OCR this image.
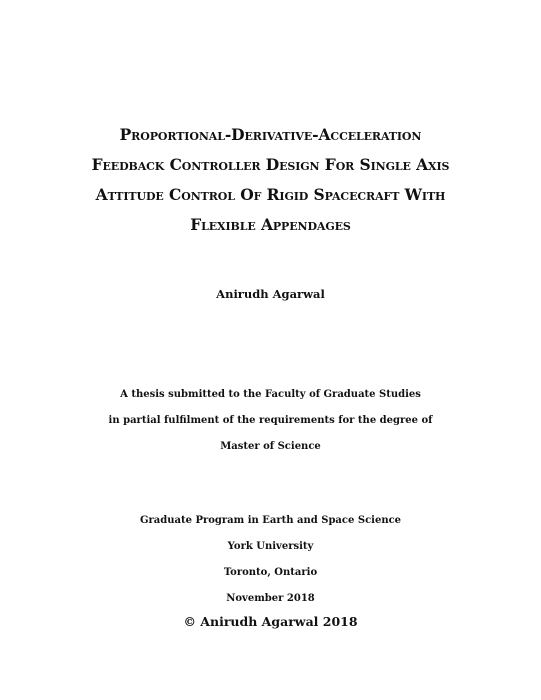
Proportional-Derivative-Acceleration
Feedback Controller Design For Single Axis
Attitude Control Of Rigid Spacecraft With
Flexible Appendages
Anirudh Agarwal
A thesis submitted to the Faculty of Graduate Studies
in partial fulfilment of the requirements for the degree of
Master of Science
Graduate Program in Earth and Space Science
York University
Toronto, Ontario
November 2018
© Anirudh Agarwal 2018
